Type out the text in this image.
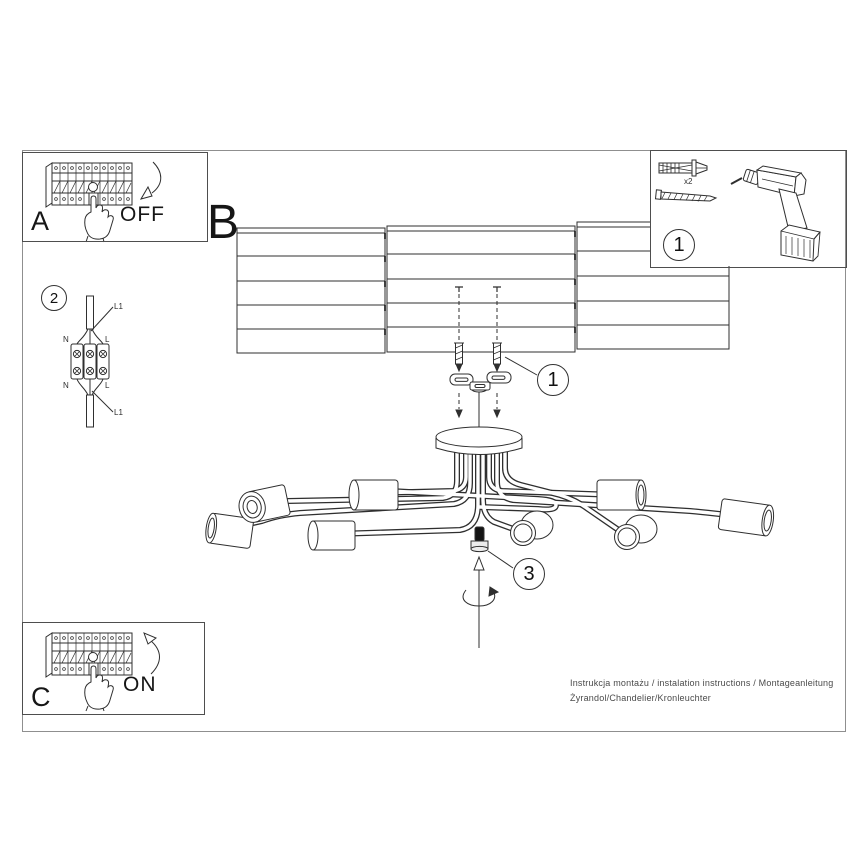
A	OFF B
C	ON
x2
1
2
1
3
L1
N	L
N	L
L1
Instrukcja montażu / instalation instructions / Montageanleitung
Żyrandol/Chandelier/Kronleuchter
